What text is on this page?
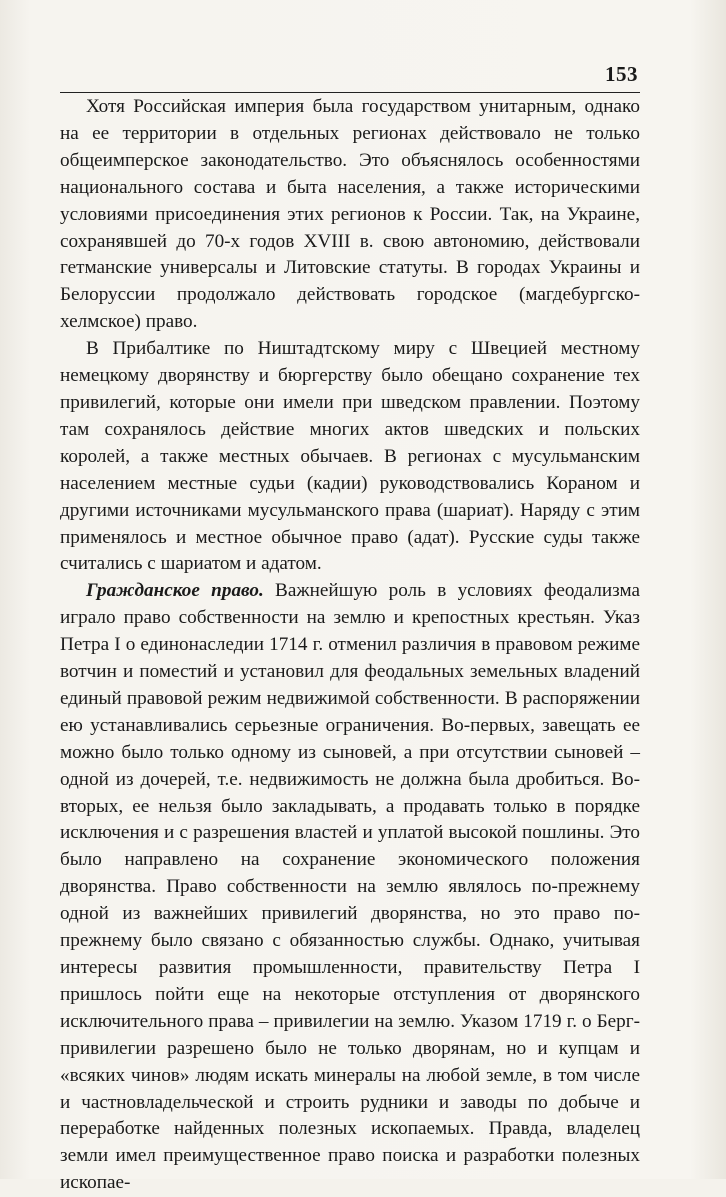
153

Хотя Российская империя была государством унитарным, однако на ее территории в отдельных регионах действовало не только общеимперское законодательство. Это объяснялось особенностями национального состава и быта населения, а также историческими условиями присоединения этих регионов к России. Так, на Украине, сохранявшей до 70-х годов XVIII в. свою автономию, действовали гетманские универсалы и Литовские статуты. В городах Украины и Белоруссии продолжало действовать городское (магдебургско-хелмское) право.

В Прибалтике по Ништадтскому миру с Швецией местному немецкому дворянству и бюргерству было обещано сохранение тех привилегий, которые они имели при шведском правлении. Поэтому там сохранялось действие многих актов шведских и польских королей, а также местных обычаев. В регионах с мусульманским населением местные судьи (кадии) руководствовались Кораном и другими источниками мусульманского права (шариат). Наряду с этим применялось и местное обычное право (адат). Русские суды также считались с шариатом и адатом.

Гражданское право. Важнейшую роль в условиях феодализма играло право собственности на землю и крепостных крестьян. Указ Петра I о единонаследии 1714 г. отменил различия в правовом режиме вотчин и поместий и установил для феодальных земельных владений единый правовой режим недвижимой собственности. В распоряжении ею устанавливались серьезные ограничения. Во-первых, завещать ее можно было только одному из сыновей, а при отсутствии сыновей – одной из дочерей, т.е. недвижимость не должна была дробиться. Во-вторых, ее нельзя было закладывать, а продавать только в порядке исключения и с разрешения властей и уплатой высокой пошлины. Это было направлено на сохранение экономического положения дворянства. Право собственности на землю являлось по-прежнему одной из важнейших привилегий дворянства, но это право по-прежнему было связано с обязанностью службы. Однако, учитывая интересы развития промышленности, правительству Петра I пришлось пойти еще на некоторые отступления от дворянского исключительного права – привилегии на землю. Указом 1719 г. о Берг-привилегии разрешено было не только дворянам, но и купцам и «всяких чинов» людям искать минералы на любой земле, в том числе и частновладельческой и строить рудники и заводы по добыче и переработке найденных полезных ископаемых. Правда, владелец земли имел преимущественное право поиска и разработки полезных ископае-
